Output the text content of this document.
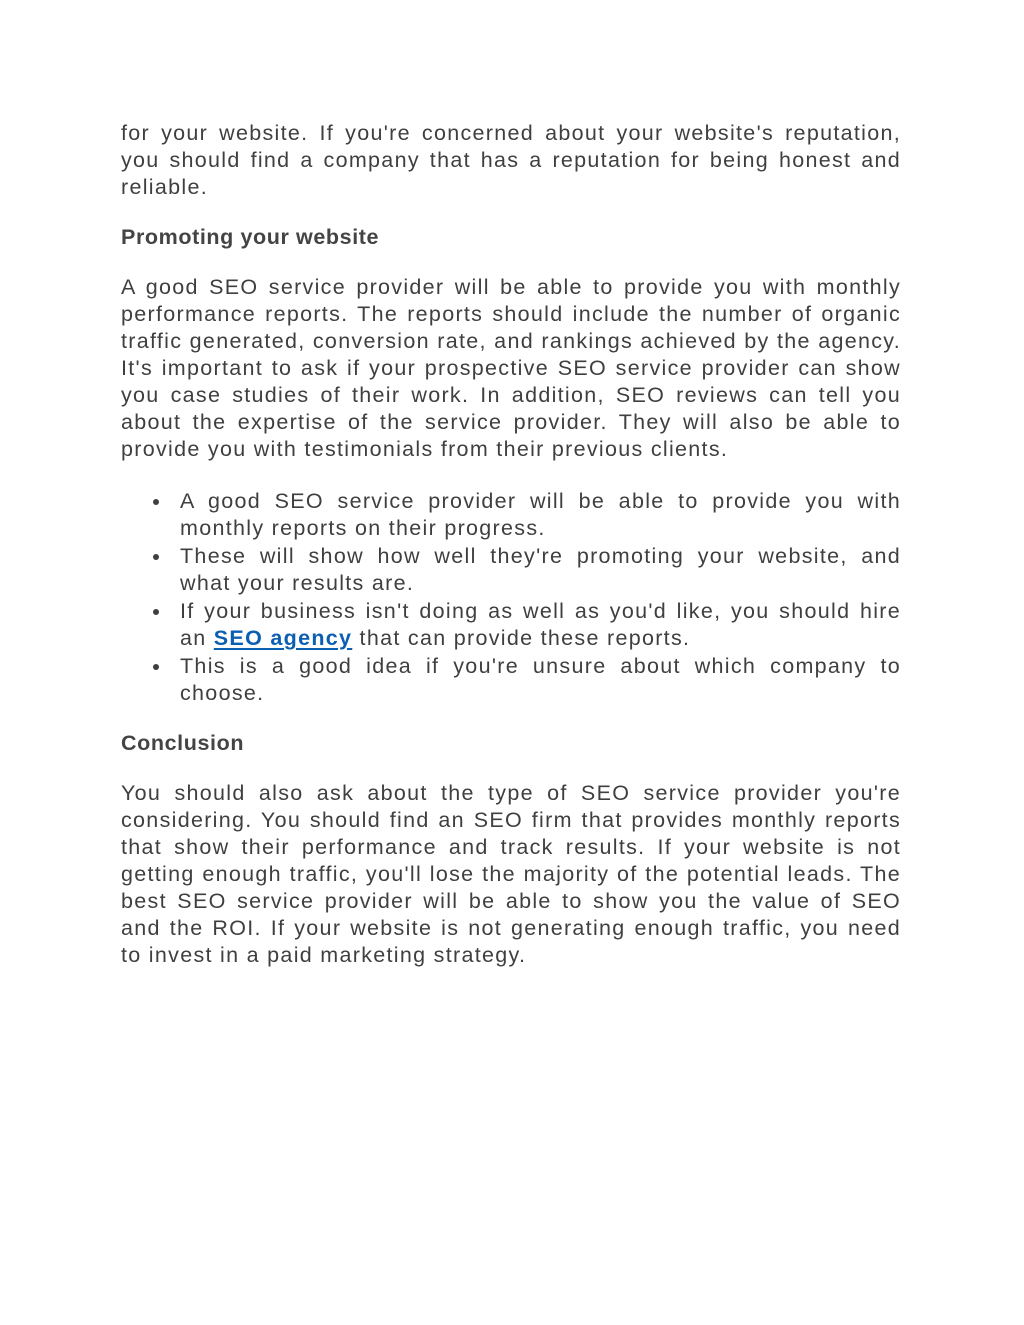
for your website. If you're concerned about your website's reputation, you should find a company that has a reputation for being honest and reliable.

Promoting your website

A good SEO service provider will be able to provide you with monthly performance reports. The reports should include the number of organic traffic generated, conversion rate, and rankings achieved by the agency. It's important to ask if your prospective SEO service provider can show you case studies of their work. In addition, SEO reviews can tell you about the expertise of the service provider. They will also be able to provide you with testimonials from their previous clients.

A good SEO service provider will be able to provide you with monthly reports on their progress.
These will show how well they're promoting your website, and what your results are.
If your business isn't doing as well as you'd like, you should hire an SEO agency that can provide these reports.
This is a good idea if you're unsure about which company to choose.
Conclusion

You should also ask about the type of SEO service provider you're considering. You should find an SEO firm that provides monthly reports that show their performance and track results. If your website is not getting enough traffic, you'll lose the majority of the potential leads. The best SEO service provider will be able to show you the value of SEO and the ROI. If your website is not generating enough traffic, you need to invest in a paid marketing strategy.
